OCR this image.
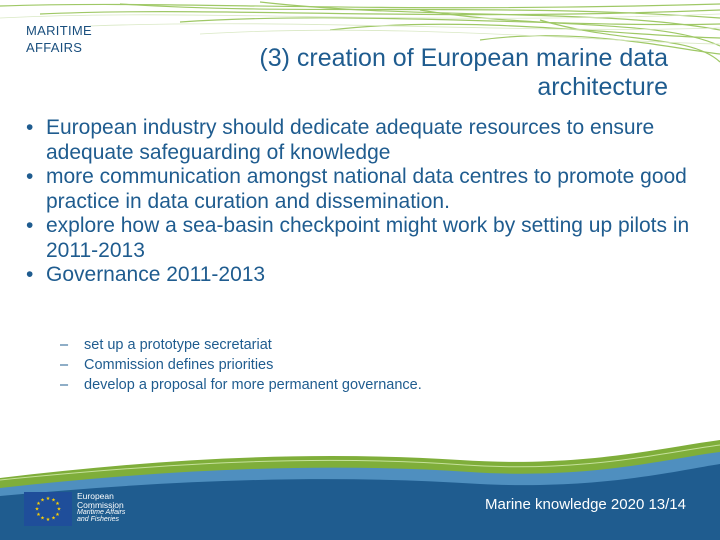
MARITIME
AFFAIRS	(3) creation of European marine data
architecture
• European industry should dedicate adequate resources to ensure adequate safeguarding of knowledge
• more communication amongst national data centres to promote good practice in data curation and dissemination.
• explore how a sea-basin checkpoint might work by setting up pilots in 2011-2013
• Governance 2011-2013
– set up a prototype secretariat
– Commission defines priorities
– develop a proposal for more permanent governance.
★ ★
★
★
★
★
★
★
★
★
★
★	European
Commission
Maritime Affairs
and Fisheries
Marine knowledge 2020 13/14
